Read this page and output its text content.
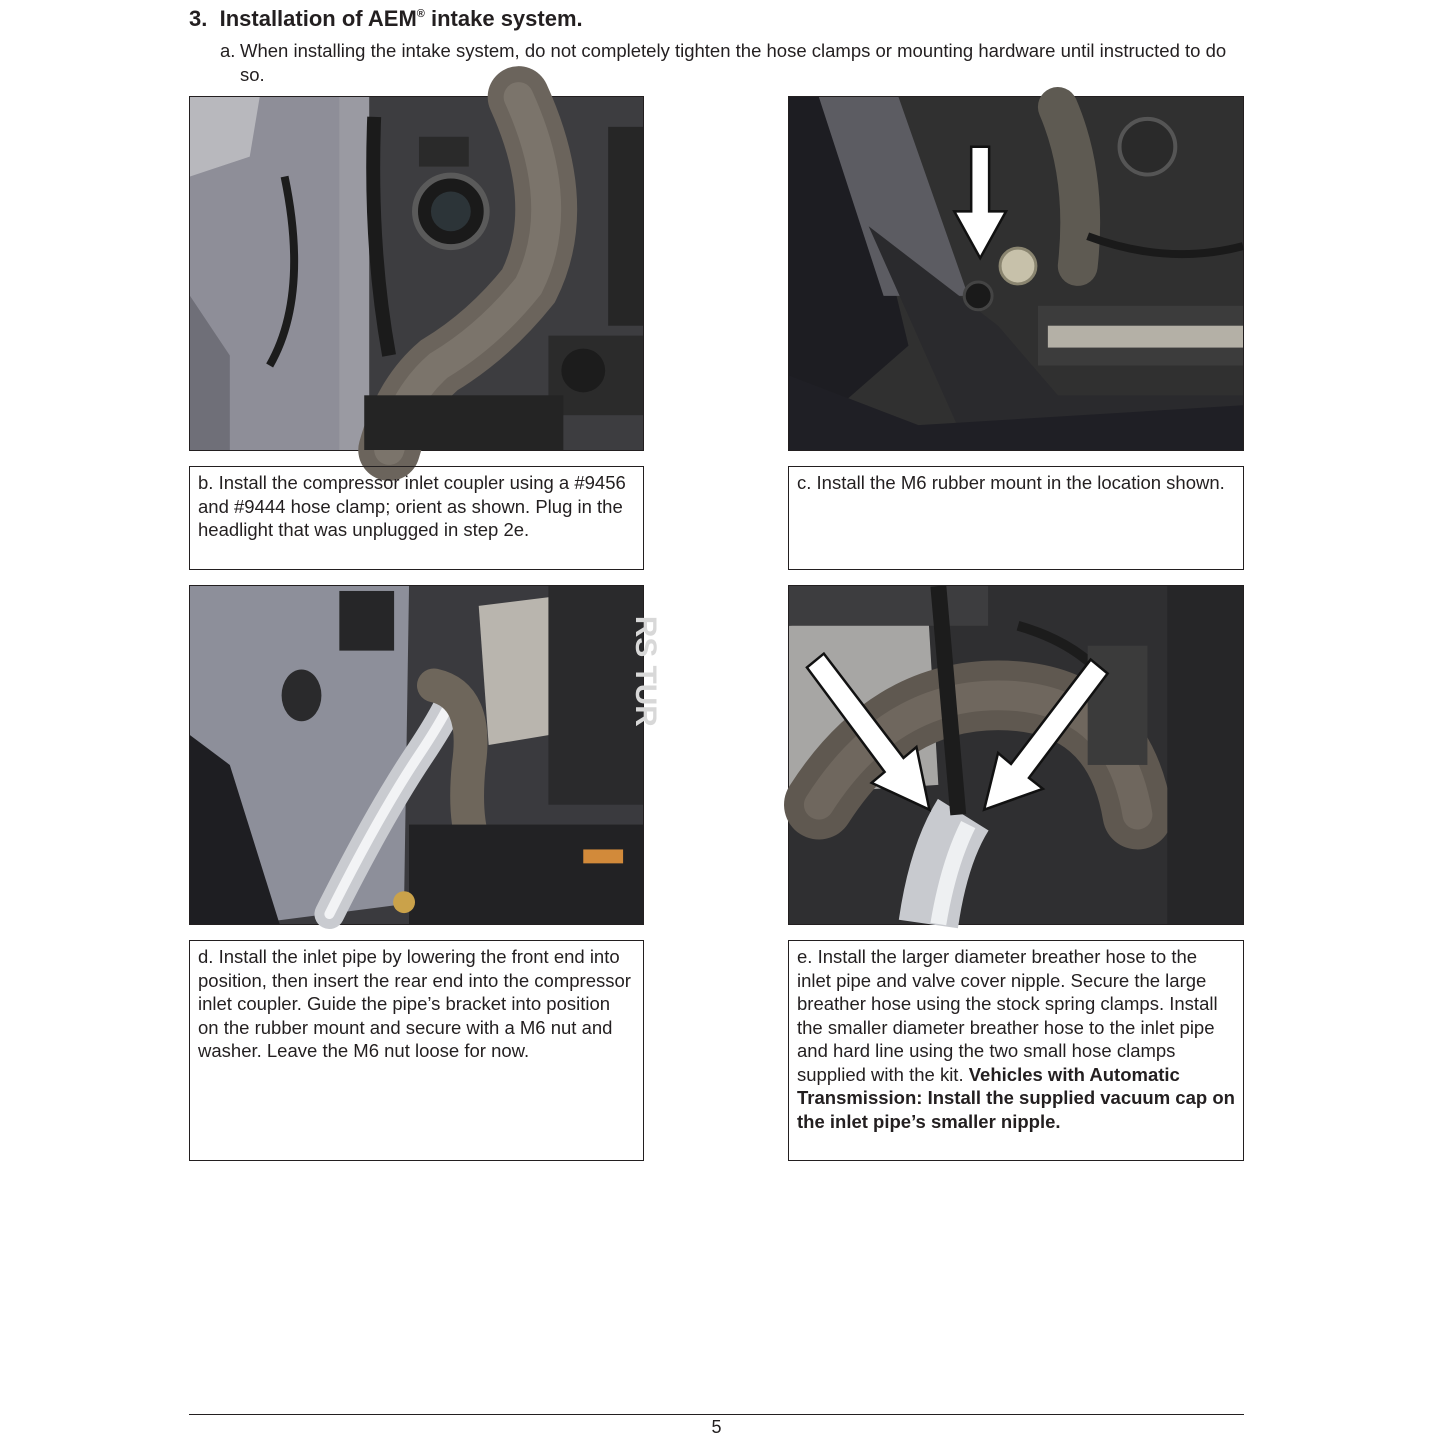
3. Installation of AEM® intake system.
a. When installing the intake system, do not completely tighten the hose clamps or mounting hardware until instructed to do so.
b. Install the compressor inlet coupler using a #9456 and #9444 hose clamp; orient as shown. Plug in the headlight that was unplugged in step 2e.
c. Install the M6 rubber mount in the location shown.
RS TUR
d. Install the inlet pipe by lowering the front end into position, then insert the rear end into the compressor inlet coupler. Guide the pipe’s bracket into position on the rubber mount and secure with a M6 nut and washer. Leave the M6 nut loose for now.
e. Install the larger diameter breather hose to the inlet pipe and valve cover nipple. Secure the large breather hose using the stock spring clamps. Install the smaller diameter breather hose to the inlet pipe and hard line using the two small hose clamps supplied with the kit. Vehicles with Automatic Transmission: Install the supplied vacuum cap on the inlet pipe’s smaller nipple.
5
